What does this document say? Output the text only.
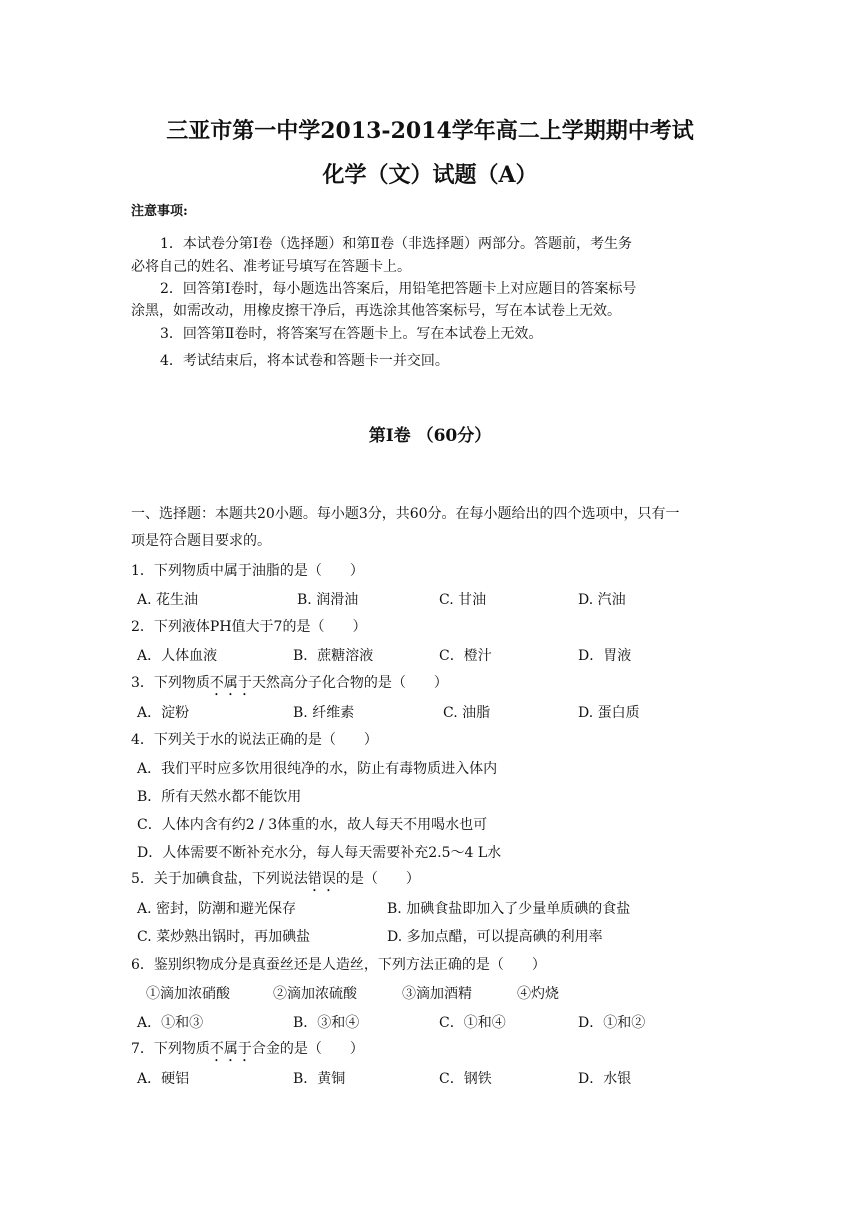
三亚市第一中学2013-2014学年高二上学期期中考试
化学（文）试题（A）
注意事项:
1．本试卷分第I卷（选择题）和第Ⅱ卷（非选择题）两部分。答题前，考生务
必将自己的姓名、准考证号填写在答题卡上。
2．回答第I卷时，每小题选出答案后，用铅笔把答题卡上对应题目的答案标号
涂黑，如需改动，用橡皮擦干净后，再选涂其他答案标号，写在本试卷上无效。
3．回答第Ⅱ卷时，将答案写在答题卡上。写在本试卷上无效。
4．考试结束后，将本试卷和答题卡一并交回。
第I卷 （60分）
一、选择题：本题共20小题。每小题3分，共60分。在每小题给出的四个选项中，只有一
项是符合题目要求的。
1．下列物质中属于油脂的是（　　）
A. 花生油	B. 润滑油	C. 甘油	D. 汽油
2．下列液体PH值大于7的是（　　）
A．人体血液	B．蔗糖溶液	C．橙汁	D．胃液
3．下列物质不属于天然高分子化合物的是（　　）
A．淀粉	B. 纤维素	C. 油脂	D. 蛋白质
4．下列关于水的说法正确的是（　　）
A．我们平时应多饮用很纯净的水，防止有毒物质进入体内
B．所有天然水都不能饮用
C．人体内含有约2 / 3体重的水，故人每天不用喝水也可
D．人体需要不断补充水分，每人每天需要补充2.5～4 L水
5．关于加碘食盐，下列说法错误的是（　　）
A. 密封，防潮和避光保存	B. 加碘食盐即加入了少量单质碘的食盐
C. 菜炒熟出锅时，再加碘盐	D. 多加点醋，可以提高碘的利用率
6．鉴别织物成分是真蚕丝还是人造丝，下列方法正确的是（　　）
①滴加浓硝酸	②滴加浓硫酸	③滴加酒精	④灼烧
A．①和③	B．③和④	C．①和④	D．①和②
7．下列物质不属于合金的是（　　）
A．硬铝	B．黄铜	C．钢铁	D．水银
